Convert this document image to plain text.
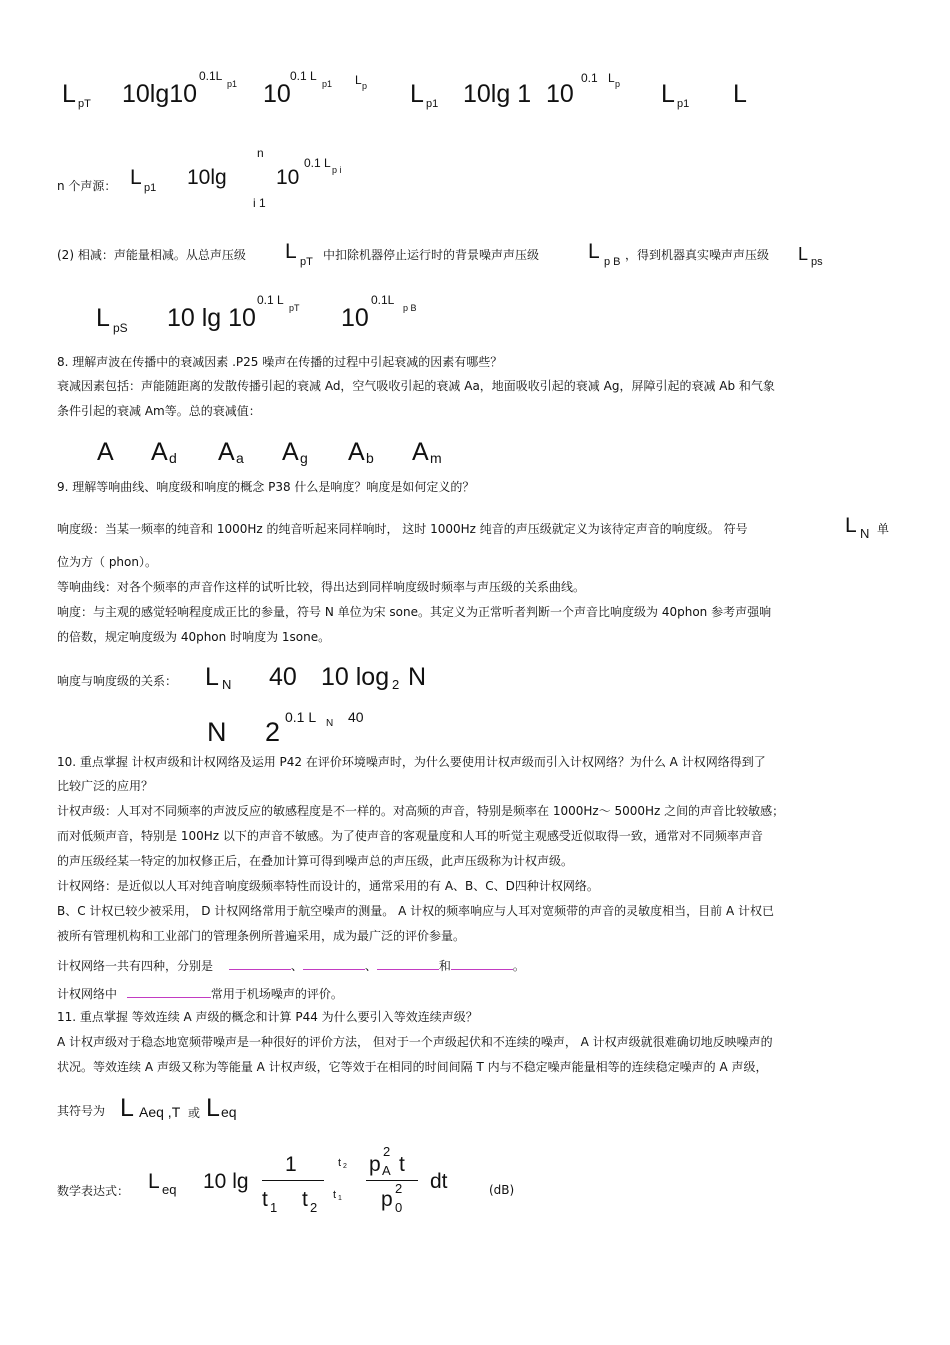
L pT 10lg10
0.1L
p1 10
0.1 L
p1 L p L p1 10lg 1 10
0.1 L p L p1 L
n 个声源： L p1 10lg
n
i 1
10
0.1 L p i
(2) 相减：声能量相减。从总声压级 L pT 中扣除机器停止运行时的背景噪声声压级 L p B ，得到机器真实噪声声压级 L ps
L pS 10 lg 10
0.1 L
pT 10
0.1L
p B
8. 理解声波在传播中的衰减因素 .P25 噪声在传播的过程中引起衰减的因素有哪些？
衰减因素包括：声能随距离的发散传播引起的衰减 Ad，空气吸收引起的衰减 Aa，地面吸收引起的衰减 Ag，屏障引起的衰减 Ab 和气象
条件引起的衰减 Am等。总的衰减值：
A A d A a A g A b A m
9. 理解等响曲线、响度级和响度的概念 P38 什么是响度？响度是如何定义的？
响度级：当某一频率的纯音和 1000Hz 的纯音听起来同样响时， 这时 1000Hz 纯音的声压级就定义为该待定声音的响度级。 符号	L N 单
位为方（ phon）。
等响曲线：对各个频率的声音作这样的试听比较，得出达到同样响度级时频率与声压级的关系曲线。
响度：与主观的感觉轻响程度成正比的参量，符号 N 单位为宋 sone。其定义为正常听者判断一个声音比响度级为 40phon 参考声强响
的倍数，规定响度级为 40phon 时响度为 1sone。
响度与响度级的关系： L N 40 10 log 2 N
N 2 0.1 L N 40
10. 重点掌握 计权声级和计权网络及运用 P42 在评价环境噪声时，为什么要使用计权声级而引入计权网络？为什么 A 计权网络得到了
比较广泛的应用？
计权声级：人耳对不同频率的声波反应的敏感程度是不一样的。对高频的声音，特别是频率在 1000Hz～ 5000Hz 之间的声音比较敏感；
而对低频声音，特别是 100Hz 以下的声音不敏感。为了使声音的客观量度和人耳的听觉主观感受近似取得一致，通常对不同频率声音
的声压级经某一特定的加权修正后，在叠加计算可得到噪声总的声压级，此声压级称为计权声级。
计权网络：是近似以人耳对纯音响度级频率特性而设计的，通常采用的有 A、B、C、D四种计权网络。
B、C 计权已较少被采用， D 计权网络常用于航空噪声的测量。 A 计权的频率响应与人耳对宽频带的声音的灵敏度相当，目前 A 计权已
被所有管理机构和工业部门的管理条例所普遍采用，成为最广泛的评价参量。
计权网络一共有四种，分别是	、	、	和	。
计权网络中	常用于机场噪声的评价。
11. 重点掌握 等效连续 A 声级的概念和计算 P44 为什么要引入等效连续声级？
A 计权声级对于稳态地宽频带噪声是一种很好的评价方法， 但对于一个声级起伏和不连续的噪声， A 计权声级就很难确切地反映噪声的
状况。等效连续 A 声级又称为等能量 A 计权声级，它等效于在相同的时间间隔 T 内与不稳定噪声能量相等的连续稳定噪声的 A 声级，
其符号为 L Aeq ,T 或 L eq
数学表达式： L eq 10 lg
1
t 1 t 2
t 2
t 1
p
2
A t
p 2
0
dt	(dB)
